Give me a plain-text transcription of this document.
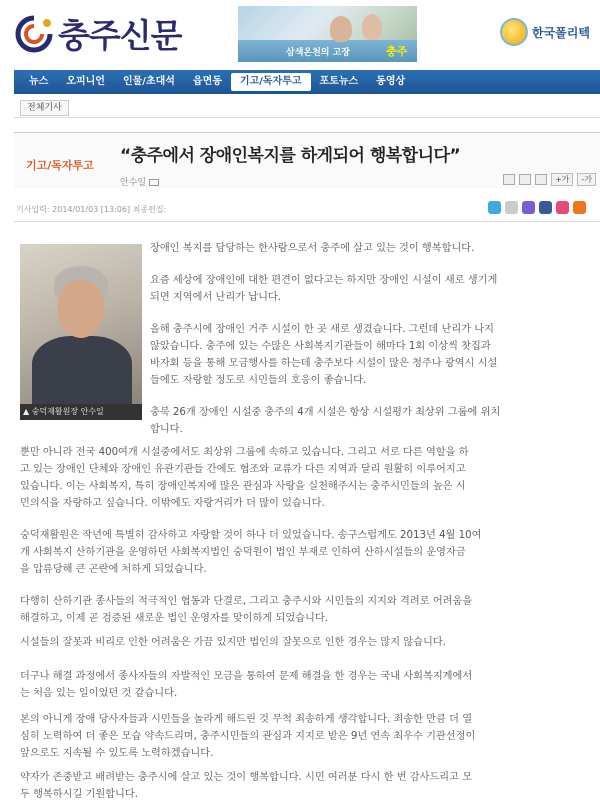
충주신문	삼색온천의 고장	충주
한국폴리텍
뉴스	오피니언	인물/초대석	읍면동	기고/독자투고	포토뉴스	동영상
전체기사
기고/독자투고 “충주에서 장애인복지를 하게되어 행복합니다”
안수일	+가	-가
기사입력: 2014/01/03 [13:06] 최종편집:
▲ 숭덕재활원장 안수일
장애인 복지를 담당하는 한사람으로서 충주에 살고 있는 것이 행복합니다.
요즘 세상에 장애인에 대한 편견이 없다고는 하지만 장애인 시설이 새로 생기게
되면 지역에서 난리가 납니다.
올해 충주시에 장애인 거주 시설이 한 곳 새로 생겼습니다. 그런데 난리가 나지
않았습니다. 충주에 있는 수많은 사회복지기관들이 해마다 1회 이상씩 찻집과
바자회 등을 통해 모금행사를 하는데 충주보다 시설이 많은 청주나 광역시 시설
들에도 자랑할 정도로 시민들의 호응이 좋습니다.
충북 26개 장애인 시설중 충주의 4개 시설은 항상 시설평가 최상위 그룹에 위치
합니다.
뿐만 아니라 전국 400여개 시설중에서도 최상위 그룹에 속하고 있습니다. 그리고 서로 다른 역할을 하
고 있는 장애인 단체와 장애인 유관기관들 간에도 협조와 교류가 다른 지역과 달리 원활히 이루어지고
있습니다. 이는 사회복지, 특히 장애인복지에 많은 관심과 사랑을 실천해주시는 충주시민들의 높은 시
민의식을 자랑하고 싶습니다. 이밖에도 자랑거리가 더 많이 있습니다.
숭덕재활원은 작년에 특별히 감사하고 자랑할 것이 하나 더 있었습니다. 송구스럽게도 2013년 4월 10여
개 사회복지 산하기관을 운영하던 사회복지법인 숭덕원이 법인 부재로 인하여 산하시설들의 운영자금
을 압류당해 큰 곤란에 처하게 되었습니다.
다행히 산하기관 종사들의 적극적인 협동과 단결로, 그리고 충주시와 시민들의 지지와 격려로 어려움을
해결하고, 이제 곧 검증된 새로운 법인 운영자를 맞이하게 되었습니다.
시설들의 잘못과 비리로 인한 어려움은 가끔 있지만 법인의 잘못으로 인한 경우는 많지 않습니다.
더구나 해결 과정에서 종사자들의 자발적인 모금을 통하여 문제 해결을 한 경우는 국내 사회복지계에서
는 처음 있는 일이었던 것 같습니다.
본의 아니게 장애 당사자들과 시민들을 놀라게 해드린 것 무척 죄송하게 생각합니다. 죄송한 만큼 더 열
심히 노력하여 더 좋은 모습 약속드리며, 충주시민들의 관심과 지지로 받은 9년 연속 최우수 기관선정이
앞으로도 지속될 수 있도록 노력하겠습니다.
약자가 존중받고 배려받는 충주시에 살고 있는 것이 행복합니다. 시민 여러분 다시 한 번 감사드리고 모
두 행복하시길 기원합니다.
